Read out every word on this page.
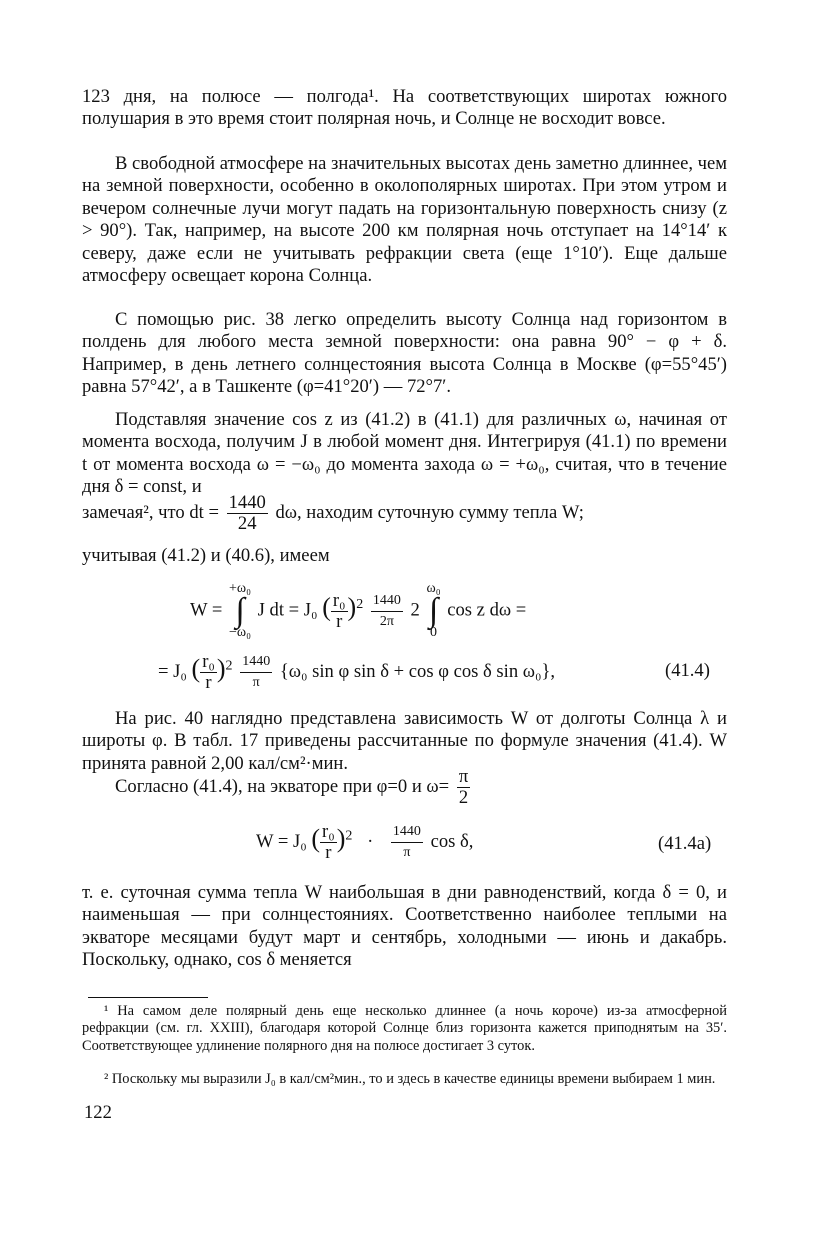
123 дня, на полюсе — полгода¹. На соответствующих широтах южного полушария в это время стоит полярная ночь, и Солнце не восходит вовсе.

В свободной атмосфере на значительных высотах день заметно длиннее, чем на земной поверхности, особенно в околополярных широтах. При этом утром и вечером солнечные лучи могут падать на горизонтальную поверхность снизу (z > 90°). Так, например, на высоте 200 км полярная ночь отступает на 14°14′ к северу, даже если не учитывать рефракции света (еще 1°10′). Еще дальше атмосферу освещает корона Солнца.

С помощью рис. 38 легко определить высоту Солнца над горизонтом в полдень для любого места земной поверхности: она равна 90° − φ + δ. Например, в день летнего солнцестояния высота Солнца в Москве (φ=55°45′) равна 57°42′, а в Ташкенте (φ=41°20′) — 72°7′.

Подставляя значение cos z из (41.2) в (41.1) для различных ω, начиная от момента восхода, получим J в любой момент дня. Интегрируя (41.1) по времени t от момента восхода ω = −ω₀ до момента захода ω = +ω₀, считая, что в течение дня δ = const, и

замечая², что dt = $\frac{1440}{24} d\omega$, находим суточную сумму тепла W;
учитывая (41.2) и (40.6), имеем
W =
+ω₀
∫
−ω₀
J dt = J₀ ( $\frac{\text{r₀}}{r} )^2 \frac{1440}{2\pi} 2$
ω₀
∫
0
cos z dω =
= J₀ ( $\frac{\text{r₀}}{r} )^2 \frac{1440}{\pi} \{\omega_0$ sin φ sin δ + cos φ cos δ sin ω₀},	(41.4)

На рис. 40 наглядно представлена зависимость W от долготы Солнца λ и широты φ. В табл. 17 приведены рассчитанные по формуле значения (41.4). W принята равной 2,00 кал/см²·мин.

Согласно (41.4), на экваторе при φ=0 и $\omega= \frac{\pi}{2}$
W = J₀ ( $\frac{\text{r₀}}{r} )^2 \cdot \frac{1440}{\pi}$ cos δ,	(41.4а)

т. е. суточная сумма тепла W наибольшая в дни равноденствий, когда δ = 0, и наименьшая — при солнцестояниях. Соответственно наиболее теплыми на экваторе месяцами будут март и сентябрь, холодными — июнь и дакабрь. Поскольку, однако, cos δ меняется

¹ На самом деле полярный день еще несколько длиннее (а ночь короче) из-за атмосферной рефракции (см. гл. XXIII), благодаря которой Солнце близ горизонта кажется приподнятым на 35′. Соответствующее удлинение полярного дня на полюсе достигает 3 суток.

² Поскольку мы выразили J₀ в кал/см²мин., то и здесь в качестве единицы времени выбираем 1 мин.

122
